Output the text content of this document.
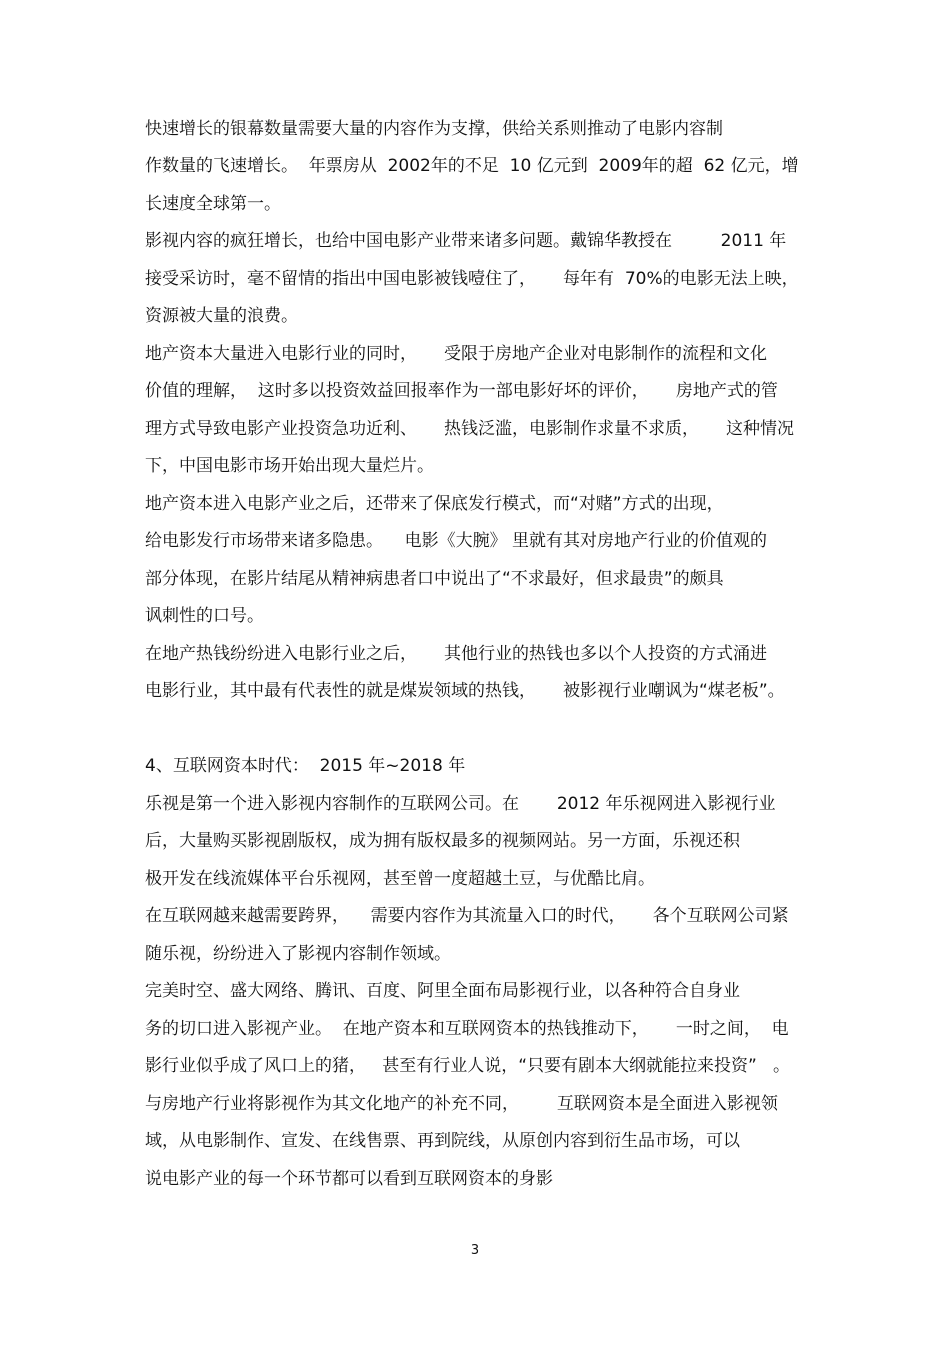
快速增长的银幕数量需要大量的内容作为支撑，供给关系则推动了电影内容制
作数量的飞速增长。  年票房从  2002年的不足  10 亿元到  2009年的超  62 亿元，增
长速度全球第一。
影视内容的疯狂增长，也给中国电影产业带来诸多问题。戴锦华教授在         2011 年
接受采访时，毫不留情的指出中国电影被钱噎住了，     每年有  70%的电影无法上映，
资源被大量的浪费。
地产资本大量进入电影行业的同时，     受限于房地产企业对电影制作的流程和文化
价值的理解，  这时多以投资效益回报率作为一部电影好坏的评价，     房地产式的管
理方式导致电影产业投资急功近利、     热钱泛滥，电影制作求量不求质，     这种情况
下，中国电影市场开始出现大量烂片。
地产资本进入电影产业之后，还带来了保底发行模式，而“对赌”方式的出现，
给电影发行市场带来诸多隐患。    电影《大腕》 里就有其对房地产行业的价值观的
部分体现，在影片结尾从精神病患者口中说出了“不求最好，但求最贵”的颇具
讽刺性的口号。
在地产热钱纷纷进入电影行业之后，     其他行业的热钱也多以个人投资的方式涌进
电影行业，其中最有代表性的就是煤炭领域的热钱，     被影视行业嘲讽为“煤老板”。
4、互联网资本时代：  2015 年~2018 年
乐视是第一个进入影视内容制作的互联网公司。在       2012 年乐视网进入影视行业
后，大量购买影视剧版权，成为拥有版权最多的视频网站。另一方面，乐视还积
极开发在线流媒体平台乐视网，甚至曾一度超越土豆，与优酷比肩。
在互联网越来越需要跨界，    需要内容作为其流量入口的时代，     各个互联网公司紧
随乐视，纷纷进入了影视内容制作领域。
完美时空、盛大网络、腾讯、百度、阿里全面布局影视行业，以各种符合自身业
务的切口进入影视产业。  在地产资本和互联网资本的热钱推动下，     一时之间，  电
影行业似乎成了风口上的猪，   甚至有行业人说，“只要有剧本大纲就能拉来投资”   。
与房地产行业将影视作为其文化地产的补充不同，       互联网资本是全面进入影视领
域，从电影制作、宣发、在线售票、再到院线，从原创内容到衍生品市场，可以
说电影产业的每一个环节都可以看到互联网资本的身影
3
